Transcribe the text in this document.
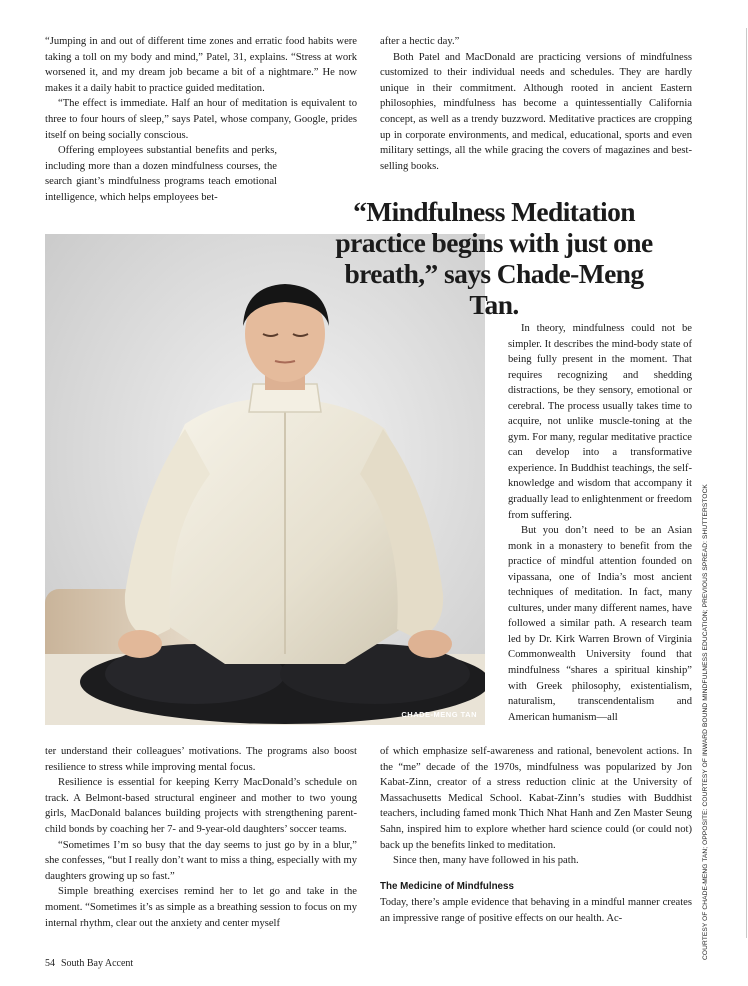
“Jumping in and out of different time zones and erratic food habits were taking a toll on my body and mind,” Patel, 31, explains. “Stress at work worsened it, and my dream job became a bit of a nightmare.” He now makes it a daily habit to practice guided meditation.

“The effect is immediate. Half an hour of meditation is equivalent to three to four hours of sleep,” says Patel, whose company, Google, prides itself on being socially conscious.

Offering employees substantial benefits and perks, including more than a dozen mindfulness courses, the search giant’s mindfulness programs teach emotional intelligence, which helps employees bet-

after a hectic day.”

Both Patel and MacDonald are practicing versions of mindfulness customized to their individual needs and schedules. They are hardly unique in their commitment. Although rooted in ancient Eastern philosophies, mindfulness has become a quintessentially California concept, as well as a trendy buzzword. Meditative practices are cropping up in corporate environments, and medical, educational, sports and even military settings, all the while gracing the covers of magazines and best-selling books.

CHADE-MENG TAN
“Mindfulness Meditation practice begins with just one breath,” says Chade-Meng Tan.

In theory, mindfulness could not be simpler. It describes the mind-body state of being fully present in the moment. That requires recognizing and shedding distractions, be they sensory, emotional or cerebral. The process usually takes time to acquire, not unlike muscle-toning at the gym. For many, regular meditative practice can develop into a transformative experience. In Buddhist teachings, the self-knowledge and wisdom that accompany it gradually lead to enlightenment or freedom from suffering.

But you don’t need to be an Asian monk in a monastery to benefit from the practice of mindful attention founded on vipassana, one of India’s most ancient techniques of meditation. In fact, many cultures, under many different names, have followed a similar path. A research team led by Dr. Kirk Warren Brown of Virginia Commonwealth University found that mindfulness “shares a spiritual kinship” with Greek philosophy, existentialism, naturalism, transcendentalism and American humanism—all

ter understand their colleagues’ motivations. The programs also boost resilience to stress while improving mental focus.

Resilience is essential for keeping Kerry MacDonald’s schedule on track. A Belmont-based structural engineer and mother to two young girls, MacDonald balances building projects with strengthening parent-child bonds by coaching her 7- and 9-year-old daughters’ soccer teams.

“Sometimes I’m so busy that the day seems to just go by in a blur,” she confesses, “but I really don’t want to miss a thing, especially with my daughters growing up so fast.”

Simple breathing exercises remind her to let go and take in the moment. “Sometimes it’s as simple as a breathing session to focus on my internal rhythm, clear out the anxiety and center myself

of which emphasize self-awareness and rational, benevolent actions. In the “me” decade of the 1970s, mindfulness was popularized by Jon Kabat-Zinn, creator of a stress reduction clinic at the University of Massachusetts Medical School. Kabat-Zinn’s studies with Buddhist teachers, including famed monk Thich Nhat Hanh and Zen Master Seung Sahn, inspired him to explore whether hard science could (or could not) back up the benefits linked to meditation.

Since then, many have followed in his path.

The Medicine of Mindfulness

Today, there’s ample evidence that behaving in a mindful manner creates an impressive range of positive effects on our health. Ac-	COURTESY OF CHADE-MENG TAN; OPPOSITE: COURTESY OF INWARD BOUND MINDFULNESS EDUCATION; PREVIOUS SPREAD: SHUTTERSTOCK
54 South Bay Accent
